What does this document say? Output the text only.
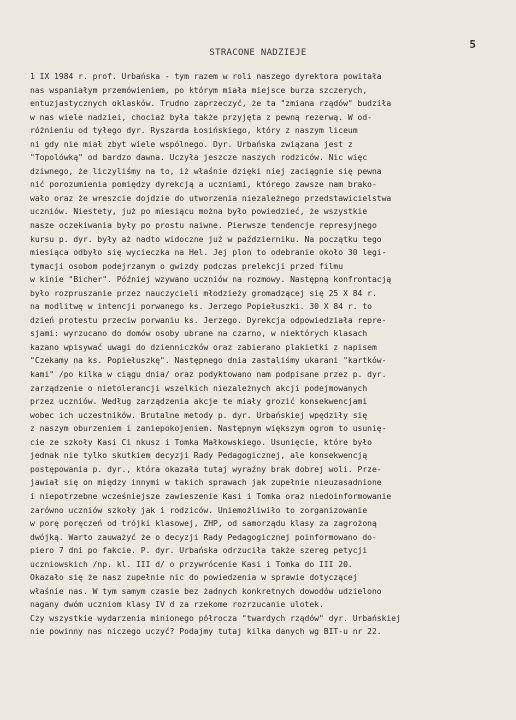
5
STRACONE NADZIEJE
1 IX 1984 r. prof. Urbańska - tym razem w roli naszego dyrektora powitała
nas wspaniałym przemówieniem, po którym miała miejsce burza szczerych,
entuzjastycznych oklasków. Trudno zaprzeczyć, że ta "zmiana rządów" budziła
w nas wiele nadziei, chociaż była także przyjęta z pewną rezerwą. W od-
różnieniu od tyłego dyr. Ryszarda Łosińskiego, który z naszym liceum
ni gdy nie miał zbyt wiele wspólnego. Dyr. Urbańska związana jest z
"Topolówką" od bardzo dawna. Uczyła jeszcze naszych rodziców. Nic więc
dziwnego, że liczyliśmy na to, iż właśnie dzięki niej zaciągnie się pewna
nić porozumienia pomiędzy dyrekcją a uczniami, którego zawsze nam brako-
wało oraz że wreszcie dojdzie do utworzenia niezależnego przedstawicielstwa
uczniów. Niestety, już po miesiącu można było powiedzieć, że wszystkie
nasze oczekiwania były po prostu naiwne. Pierwsze tendencje represyjnego
kursu p. dyr. były aż nadto widoczne już w październiku. Na początku tego
miesiąca odbyło się wycieczka na Hel. Jej plon to odebranie około 30 legi-
tymacji osobom podejrzanym o gwizdy podczas prelekcji przed filmu
w kinie "Bicher". Później wzywano uczniów na rozmowy. Następną konfrontacją
było rozpruszanie przez nauczycieli młodzieży gromadzącej się 25 X 84 r.
na modlitwę w intencji porwanego ks. Jerzego Popiełuszki. 30 X 84 r. to
dzień protestu przeciw porwaniu ks. Jerzego. Dyrekcja odpowiedziała repre-
sjami: wyrzucano do domów osoby ubrane na czarno, w niektórych klasach
kazano wpisywać uwagi do dzienniczków oraz zabierano plakietki z napisem
"Czekamy na ks. Popiełuszkę". Następnego dnia zastaliśmy ukarani "kartków-
kami" /po kilka w ciągu dnia/ oraz podyktowano nam podpisane przez p. dyr.
zarządzenie o nietolerancji wszelkich niezależnych akcji podejmowanych
przez uczniów. Według zarządzenia akcje te miały grozić konsekwencjami
wobec ich uczestników. Brutalne metody p. dyr. Urbańskiej wpędziły się
z naszym oburzeniem i zaniepokojeniem. Następnym większym ogrom to usunię-
cie ze szkoły Kasi Ci nkusz i Tomka Małkowskiego. Usunięcie, które było
jednak nie tylko skutkiem decyzji Rady Pedagogicznej, ale konsekwencją
postępowania p. dyr., która okazała tutaj wyraźny brak dobrej woli. Prze-
jawiał się on między innymi w takich sprawach jak zupełnie nieuzasadnione
i niepotrzebne wcześniejsze zawieszenie Kasi i Tomka oraz niedoinformowanie
zarówno uczniów szkoły jak i rodziców. Uniemożliwiło to zorganizowanie
w porę poręczeń od trójki klasowej, ZHP, od samorządu klasy za zagrożoną
dwójką. Warto zauważyć że o decyzji Rady Pedagogicznej poinformowano do-
piero 7 dni po fakcie. P. dyr. Urbańska odrzuciła także szereg petycji
uczniowskich /np. kl. III d/ o przywrócenie Kasi i Tomka do III 20.
Okazało się że nasz zupełnie nic do powiedzenia w sprawie dotyczącej
właśnie nas. W tym samym czasie bez żadnych konkretnych dowodów udzielono
nagany dwóm uczniom klasy IV d za rzekome rozrzucanie ulotek.
Czy wszystkie wydarzenia minionego półrocza "twardych rządów" dyr. Urbańskiej
nie powinny nas niczego uczyć? Podajmy tutaj kilka danych wg BIT-u nr 22.
